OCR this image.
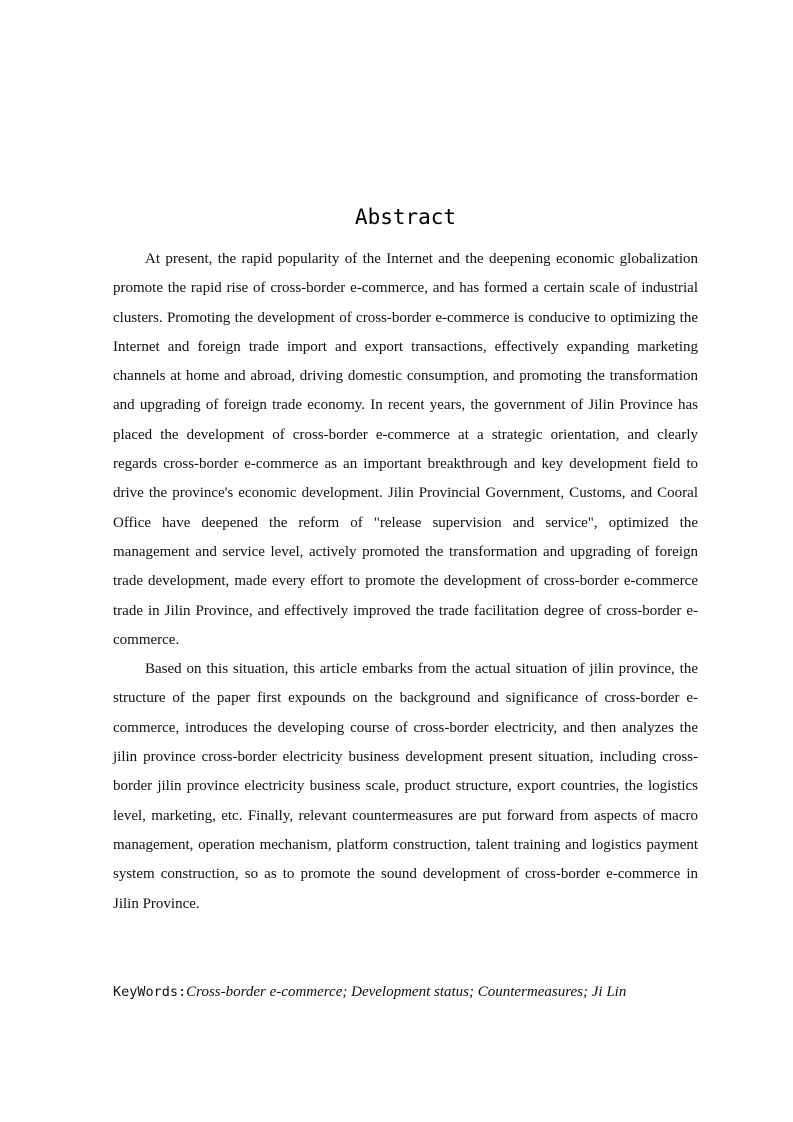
Abstract

At present, the rapid popularity of the Internet and the deepening economic globalization promote the rapid rise of cross-border e-commerce, and has formed a certain scale of industrial clusters. Promoting the development of cross-border e-commerce is conducive to optimizing the Internet and foreign trade import and export transactions, effectively expanding marketing channels at home and abroad, driving domestic consumption, and promoting the transformation and upgrading of foreign trade economy. In recent years, the government of Jilin Province has placed the development of cross-border e-commerce at a strategic orientation, and clearly regards cross-border e-commerce as an important breakthrough and key development field to drive the province's economic development. Jilin Provincial Government, Customs, and Cooral Office have deepened the reform of "release supervision and service", optimized the management and service level, actively promoted the transformation and upgrading of foreign trade development, made every effort to promote the development of cross-border e-commerce trade in Jilin Province, and effectively improved the trade facilitation degree of cross-border e-commerce.

Based on this situation, this article embarks from the actual situation of jilin province, the structure of the paper first expounds on the background and significance of cross-border e-commerce, introduces the developing course of cross-border electricity, and then analyzes the jilin province cross-border electricity business development present situation, including cross-border jilin province electricity business scale, product structure, export countries, the logistics level, marketing, etc. Finally, relevant countermeasures are put forward from aspects of macro management, operation mechanism, platform construction, talent training and logistics payment system construction, so as to promote the sound development of cross-border e-commerce in Jilin Province.

KeyWords:Cross-border e-commerce; Development status; Countermeasures; Ji Lin
